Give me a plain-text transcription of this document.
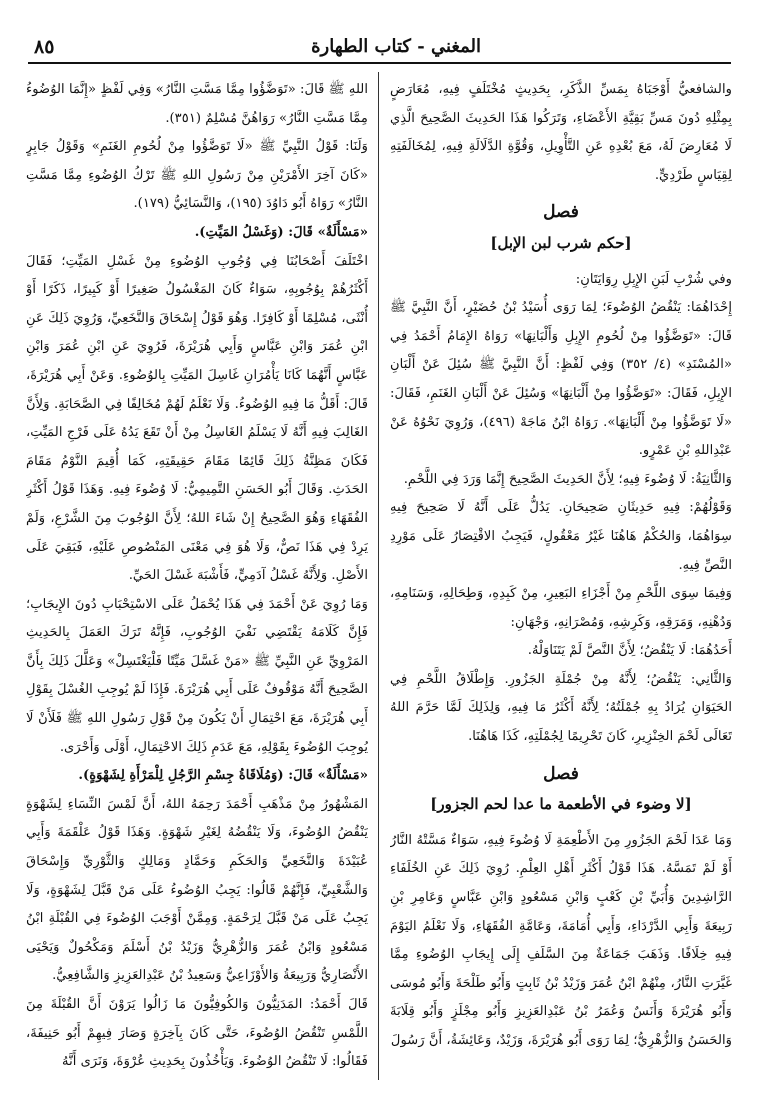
٨٥	المغني - كتاب الطهارة

والشافعيُّ أَوْجَبَاهُ بِمَسِّ الذَّكَرِ، بِحَدِيثٍ مُخْتَلَفٍ فِيهِ، مُعَارَضٍ بِمِثْلِهِ دُونَ مَسِّ بَقِيَّةِ الأَعْضَاءِ، وَتَرَكُوا هَذَا الحَدِيثَ الصَّحِيحَ الَّذِي لَا مُعَارِضَ لَهُ، مَعَ بُعْدِهِ عَنِ التَّأْوِيلِ، وَقُوَّةِ الدَّلَالَةِ فِيهِ، لِمُخَالَفَتِهِ لِقِيَاسٍ طَرْدِيٍّ.

فصل
[حكم شرب لبن الإبل]

وفي شُرْبِ لَبَنِ الإِبِلِ رِوَايَتَانِ:

إِحْدَاهُمَا: يَنْقُضُ الوُضُوءَ؛ لِمَا رَوَى أُسَيْدُ بْنُ حُضَيْرٍ، أَنَّ النَّبِيَّ ﷺ قَالَ: «تَوَضَّؤُوا مِنْ لُحُومِ الإِبِلِ وَأَلْبَانِهَا» رَوَاهُ الإِمَامُ أَحْمَدُ فِي «المُسْنَدِ» (٤/ ٣٥٢) وَفِي لَفْظٍ: أَنَّ النَّبِيَّ ﷺ سُئِلَ عَنْ أَلْبَانِ الإِبِلِ، فَقَالَ: «تَوَضَّؤُوا مِنْ أَلْبَانِهَا» وَسُئِلَ عَنْ أَلْبَانِ الغَنَمِ، فَقَالَ: «لَا تَوَضَّؤُوا مِنْ أَلْبَانِهَا». رَوَاهُ ابْنُ مَاجَهْ (٤٩٦)، وَرُوِيَ نَحْوُهُ عَنْ عَبْدِاللهِ بْنِ عَمْرٍو.

وَالثَّانِيَةُ: لَا وُضُوءَ فِيهِ؛ لِأَنَّ الحَدِيثَ الصَّحِيحَ إِنَّمَا وَرَدَ فِي اللَّحْمِ.

وَقَوْلُهُمْ: فِيهِ حَدِيثَانِ صَحِيحَانِ. يَدُلُّ عَلَى أَنَّهُ لَا صَحِيحَ فِيهِ سِوَاهُمَا، وَالحُكْمُ هَاهُنَا غَيْرُ مَعْقُولٍ، فَيَجِبُ الاقْتِصَارُ عَلَى مَوْرِدِ النَّصِّ فِيهِ.

وَفِيمَا سِوَى اللَّحْمِ مِنْ أَجْزَاءِ البَعِيرِ، مِنْ كَبِدِهِ، وَطِحَالِهِ، وَسَنَامِهِ، وَدُهْنِهِ، وَمَرَقِهِ، وَكَرِشِهِ، وَمُصْرَانِهِ، وَجْهَانِ:

أَحَدُهُمَا: لَا يَنْقُضُ؛ لِأَنَّ النَّصَّ لَمْ يَتَنَاوَلْهُ.

وَالثَّانِي: يَنْقُضُ؛ لِأَنَّهُ مِنْ جُمْلَةِ الجَزُورِ. وَإِطْلَاقُ اللَّحْمِ فِي الحَيَوَانِ يُرَادُ بِهِ جُمْلَتُهُ؛ لِأَنَّهُ أَكْثَرُ مَا فِيهِ، وَلِذَلِكَ لَمَّا حَرَّمَ اللهُ تَعَالَى لَحْمَ الخِنْزِيرِ، كَانَ تَحْرِيمًا لِجُمْلَتِهِ، كَذَا هَاهُنَا.

فصل
[لا وضوء في الأطعمة ما عدا لحم الجزور]

وَمَا عَدَا لَحْمَ الجَزُورِ مِنَ الأَطْعِمَةِ لَا وُضُوءَ فِيهِ، سَوَاءٌ مَسَّتْهُ النَّارُ أَوْ لَمْ تَمَسَّهُ. هَذَا قَوْلُ أَكْثَرِ أَهْلِ العِلْمِ. رُوِيَ ذَلِكَ عَنِ الخُلَفَاءِ الرَّاشِدِينَ وَأُبَيِّ بْنِ كَعْبٍ وَابْنِ مَسْعُودٍ وَابْنِ عَبَّاسٍ وَعَامِرِ بْنِ رَبِيعَةَ وَأَبِي الدَّرْدَاءِ، وَأَبِي أُمَامَةَ، وَعَامَّةِ الفُقَهَاءِ، وَلَا نَعْلَمُ اليَوْمَ فِيهِ خِلَافًا. وَذَهَبَ جَمَاعَةٌ مِنَ السَّلَفِ إِلَى إِيجَابِ الوُضُوءِ مِمَّا غَيَّرَتِ النَّارُ، مِنْهُمْ ابْنُ عُمَرَ وَزَيْدُ بْنُ ثَابِتٍ وَأَبُو طَلْحَةَ وَأَبُو مُوسَى وَأَبُو هُرَيْرَةَ وَأَنَسٌ وَعُمَرُ بْنُ عَبْدِالعَزِيزِ وَأَبُو مِجْلَزٍ وَأَبُو قِلَابَةَ وَالحَسَنُ وَالزُّهْرِيُّ؛ لِمَا رَوَى أَبُو هُرَيْرَةَ، وَزَيْدٌ، وَعَائِشَةُ، أَنَّ رَسُولَ

اللهِ ﷺ قَالَ: «تَوَضَّؤُوا مِمَّا مَسَّتِ النَّارُ» وَفِي لَفْظٍ «إِنَّمَا الوُضُوءُ مِمَّا مَسَّتِ النَّارُ» رَوَاهُنَّ مُسْلِمٌ (٣٥١).

وَلَنَا: قَوْلُ النَّبِيِّ ﷺ «لَا تَوَضَّؤُوا مِنْ لُحُومِ الغَنَمِ» وَقَوْلُ جَابِرٍ «كَانَ آخِرَ الأَمْرَيْنِ مِنْ رَسُولِ اللهِ ﷺ تَرْكُ الوُضُوءِ مِمَّا مَسَّتِ النَّارُ» رَوَاهُ أَبُو دَاوُدَ (١٩٥)، وَالنَّسَائِيُّ (١٧٩).

«مَسْأَلَةٌ» قَالَ: (وَغَسْلُ المَيِّتِ).

اخْتَلَفَ أَصْحَابُنَا فِي وُجُوبِ الوُضُوءِ مِنْ غَسْلِ المَيِّتِ؛ فَقَالَ أَكْثَرُهُمْ بِوُجُوبِهِ، سَوَاءٌ كَانَ المَغْسُولُ صَغِيرًا أَوْ كَبِيرًا، ذَكَرًا أَوْ أُنْثَى، مُسْلِمًا أَوْ كَافِرًا. وَهُوَ قَوْلُ إِسْحَاقَ وَالنَّخَعِيِّ، وَرُوِيَ ذَلِكَ عَنِ ابْنِ عُمَرَ وَابْنِ عَبَّاسٍ وَأَبِي هُرَيْرَةَ، فَرُوِيَ عَنِ ابْنِ عُمَرَ وَابْنِ عَبَّاسٍ أَنَّهُمَا كَانَا يَأْمُرَانِ غَاسِلَ المَيِّتِ بِالوُضُوءِ. وَعَنْ أَبِي هُرَيْرَةَ، قَالَ: أَقَلُّ مَا فِيهِ الوُضُوءُ. وَلَا نَعْلَمُ لَهُمْ مُخَالِفًا فِي الصَّحَابَةِ. وَلِأَنَّ الغَالِبَ فِيهِ أَنَّهُ لَا يَسْلَمُ الغَاسِلُ مِنْ أَنْ تَقَعَ يَدُهُ عَلَى فَرْجِ المَيِّتِ، فَكَانَ مَظِنَّةُ ذَلِكَ قَائِمًا مَقَامَ حَقِيقَتِهِ، كَمَا أُقِيمَ النَّوْمُ مَقَامَ الحَدَثِ. وَقَالَ أَبُو الحَسَنِ التَّمِيمِيُّ: لَا وُضُوءَ فِيهِ. وَهَذَا قَوْلُ أَكْثَرِ الفُقَهَاءِ وَهُوَ الصَّحِيحُ إِنْ شَاءَ اللهُ؛ لِأَنَّ الوُجُوبَ مِنَ الشَّرْعِ، وَلَمْ يَرِدْ فِي هَذَا نَصٌّ، وَلَا هُوَ فِي مَعْنَى المَنْصُوصِ عَلَيْهِ، فَبَقِيَ عَلَى الأَصْلِ. وَلِأَنَّهُ غَسْلُ آدَمِيٍّ، فَأَشْبَهَ غَسْلَ الحَيِّ.

وَمَا رُوِيَ عَنْ أَحْمَدَ فِي هَذَا يُحْمَلُ عَلَى الاسْتِحْبَابِ دُونَ الإِيجَابِ؛ فَإِنَّ كَلَامَهُ يَقْتَضِي نَفْيَ الوُجُوبِ، فَإِنَّهُ تَرَكَ العَمَلَ بِالحَدِيثِ المَرْوِيِّ عَنِ النَّبِيِّ ﷺ «مَنْ غَسَّلَ مَيِّتًا فَلْيَغْتَسِلْ» وَعَلَّلَ ذَلِكَ بِأَنَّ الصَّحِيحَ أَنَّهُ مَوْقُوفٌ عَلَى أَبِي هُرَيْرَةَ. فَإِذَا لَمْ يُوجِبِ الغُسْلَ بِقَوْلِ أَبِي هُرَيْرَةَ، مَعَ احْتِمَالِ أَنْ يَكُونَ مِنْ قَوْلِ رَسُولِ اللهِ ﷺ فَلَأَنْ لَا يُوجِبَ الوُضُوءَ بِقَوْلِهِ، مَعَ عَدَمِ ذَلِكَ الاحْتِمَالِ، أَوْلَى وَأَحْرَى.

«مَسْأَلَةٌ» قَالَ: (وَمُلَاقَاةُ جِسْمِ الرَّجُلِ لِلْمَرْأَةِ لِشَهْوَةٍ).

المَشْهُورُ مِنْ مَذْهَبِ أَحْمَدَ رَحِمَهُ اللهُ، أَنَّ لَمْسَ النِّسَاءِ لِشَهْوَةٍ يَنْقُضُ الوُضُوءَ، وَلَا يَنْقُضُهُ لِغَيْرِ شَهْوَةٍ. وَهَذَا قَوْلُ عَلْقَمَةَ وَأَبِي عُبَيْدَةَ وَالنَّخَعِيِّ وَالحَكَمِ وَحَمَّادٍ وَمَالِكٍ وَالثَّوْرِيِّ وَإِسْحَاقَ وَالشَّعْبِيِّ، فَإِنَّهُمْ قَالُوا: يَجِبُ الوُضُوءُ عَلَى مَنْ قَبَّلَ لِشَهْوَةٍ، وَلَا يَجِبُ عَلَى مَنْ قَبَّلَ لِرَحْمَةٍ. وَمِمَّنْ أَوْجَبَ الوُضُوءَ فِي القُبْلَةِ ابْنُ مَسْعُودٍ وَابْنُ عُمَرَ وَالزُّهْرِيُّ وَزَيْدُ بْنُ أَسْلَمَ وَمَكْحُولٌ وَيَحْيَى الأَنْصَارِيُّ وَرَبِيعَةُ وَالأَوْزَاعِيُّ وَسَعِيدُ بْنُ عَبْدِالعَزِيزِ وَالشَّافِعِيُّ.

قَالَ أَحْمَدُ: المَدَنِيُّونَ وَالكُوفِيُّونَ مَا زَالُوا يَرَوْنَ أَنَّ القُبْلَةَ مِنَ اللَّمْسِ تَنْقُضُ الوُضُوءَ، حَتَّى كَانَ بِآخِرَةٍ وَصَارَ فِيهِمْ أَبُو حَنِيفَةَ، فَقَالُوا: لَا تَنْقُضُ الوُضُوءَ. وَيَأْخُذُونَ بِحَدِيثِ عُرْوَةَ، وَنَرَى أَنَّهُ
